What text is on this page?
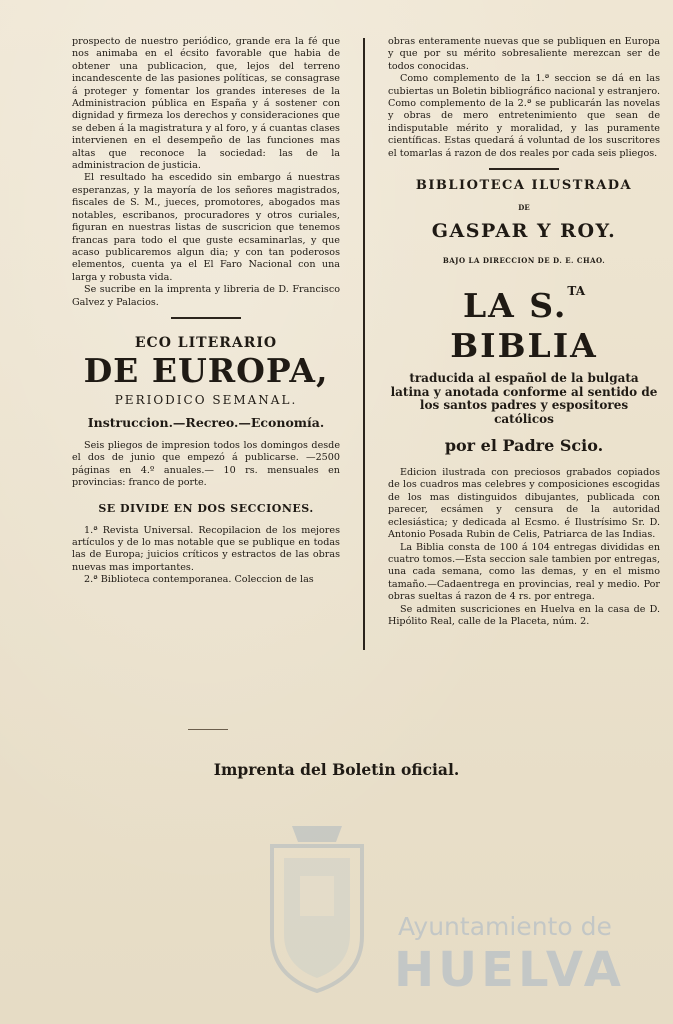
prospecto de nuestro periódico, grande era la fé que nos animaba en el écsito favorable que habia de obtener una publicacion, que, lejos del terreno incandescente de las pasiones políticas, se consagrase á proteger y fomentar los grandes intereses de la Administracion pública en España y á sostener con dignidad y firmeza los derechos y consideraciones que se deben á la magistratura y al foro, y á cuantas clases intervienen en el desempeño de las funciones mas altas que reconoce la sociedad: las de la administracion de justicia.

El resultado ha escedido sin embargo á nuestras esperanzas, y la mayoría de los señores magistrados, fiscales de S. M., jueces, promotores, abogados mas notables, escribanos, procuradores y otros curiales, figuran en nuestras listas de suscricion que tenemos francas para todo el que guste ecsaminarlas, y que acaso publicaremos algun dia; y con tan poderosos elementos, cuenta ya el El Faro Nacional con una larga y robusta vida.

Se sucribe en la imprenta y libreria de D. Francisco Galvez y Palacios.

ECO LITERARIO
DE EUROPA,
PERIODICO SEMANAL.
Instruccion.—Recreo.—Economía.

Seis pliegos de impresion todos los domingos desde el dos de junio que empezó á publicarse. —2500 páginas en 4.º anuales.— 10 rs. mensuales en provincias: franco de porte.

SE DIVIDE EN DOS SECCIONES.

1.ª Revista Universal. Recopilacion de los mejores artículos y de lo mas notable que se publique en todas las de Europa; juicios críticos y estractos de las obras nuevas mas importantes.

2.ª Biblioteca contemporanea. Coleccion de las

obras enteramente nuevas que se publiquen en Europa y que por su mérito sobresaliente merezcan ser de todos conocidas.

Como complemento de la 1.ª seccion se dá en las cubiertas un Boletin bibliográfico nacional y estranjero. Como complemento de la 2.ª se publicarán las novelas y obras de mero entretenimiento que sean de indisputable mérito y moralidad, y las puramente científicas. Estas quedará á voluntad de los suscritores el tomarlas á razon de dos reales por cada seis pliegos.

BIBLIOTECA ILUSTRADA
DE
GASPAR Y ROY.
BAJO LA DIRECCION DE D. E. CHAO.
LA S.$^{TA}$ BIBLIA
traducida al español de la bulgata latina y anotada conforme al sentido de los santos padres y espositores católicos
por el Padre Scio.

Edicion ilustrada con preciosos grabados copiados de los cuadros mas celebres y composiciones escogidas de los mas distinguidos dibujantes, publicada con parecer, ecsámen y censura de la autoridad eclesiástica; y dedicada al Ecsmo. é Ilustrísimo Sr. D. Antonio Posada Rubin de Celis, Patriarca de las Indias.

La Biblia consta de 100 á 104 entregas divididas en cuatro tomos.—Esta seccion sale tambien por entregas, una cada semana, como las demas, y en el mismo tamaño.—Cadaentrega en provincias, real y medio. Por obras sueltas á razon de 4 rs. por entrega.

Se admiten suscriciones en Huelva en la casa de D. Hipólito Real, calle de la Placeta, núm. 2.

Imprenta del Boletin oficial.
Ayuntamiento de
HUELVA
